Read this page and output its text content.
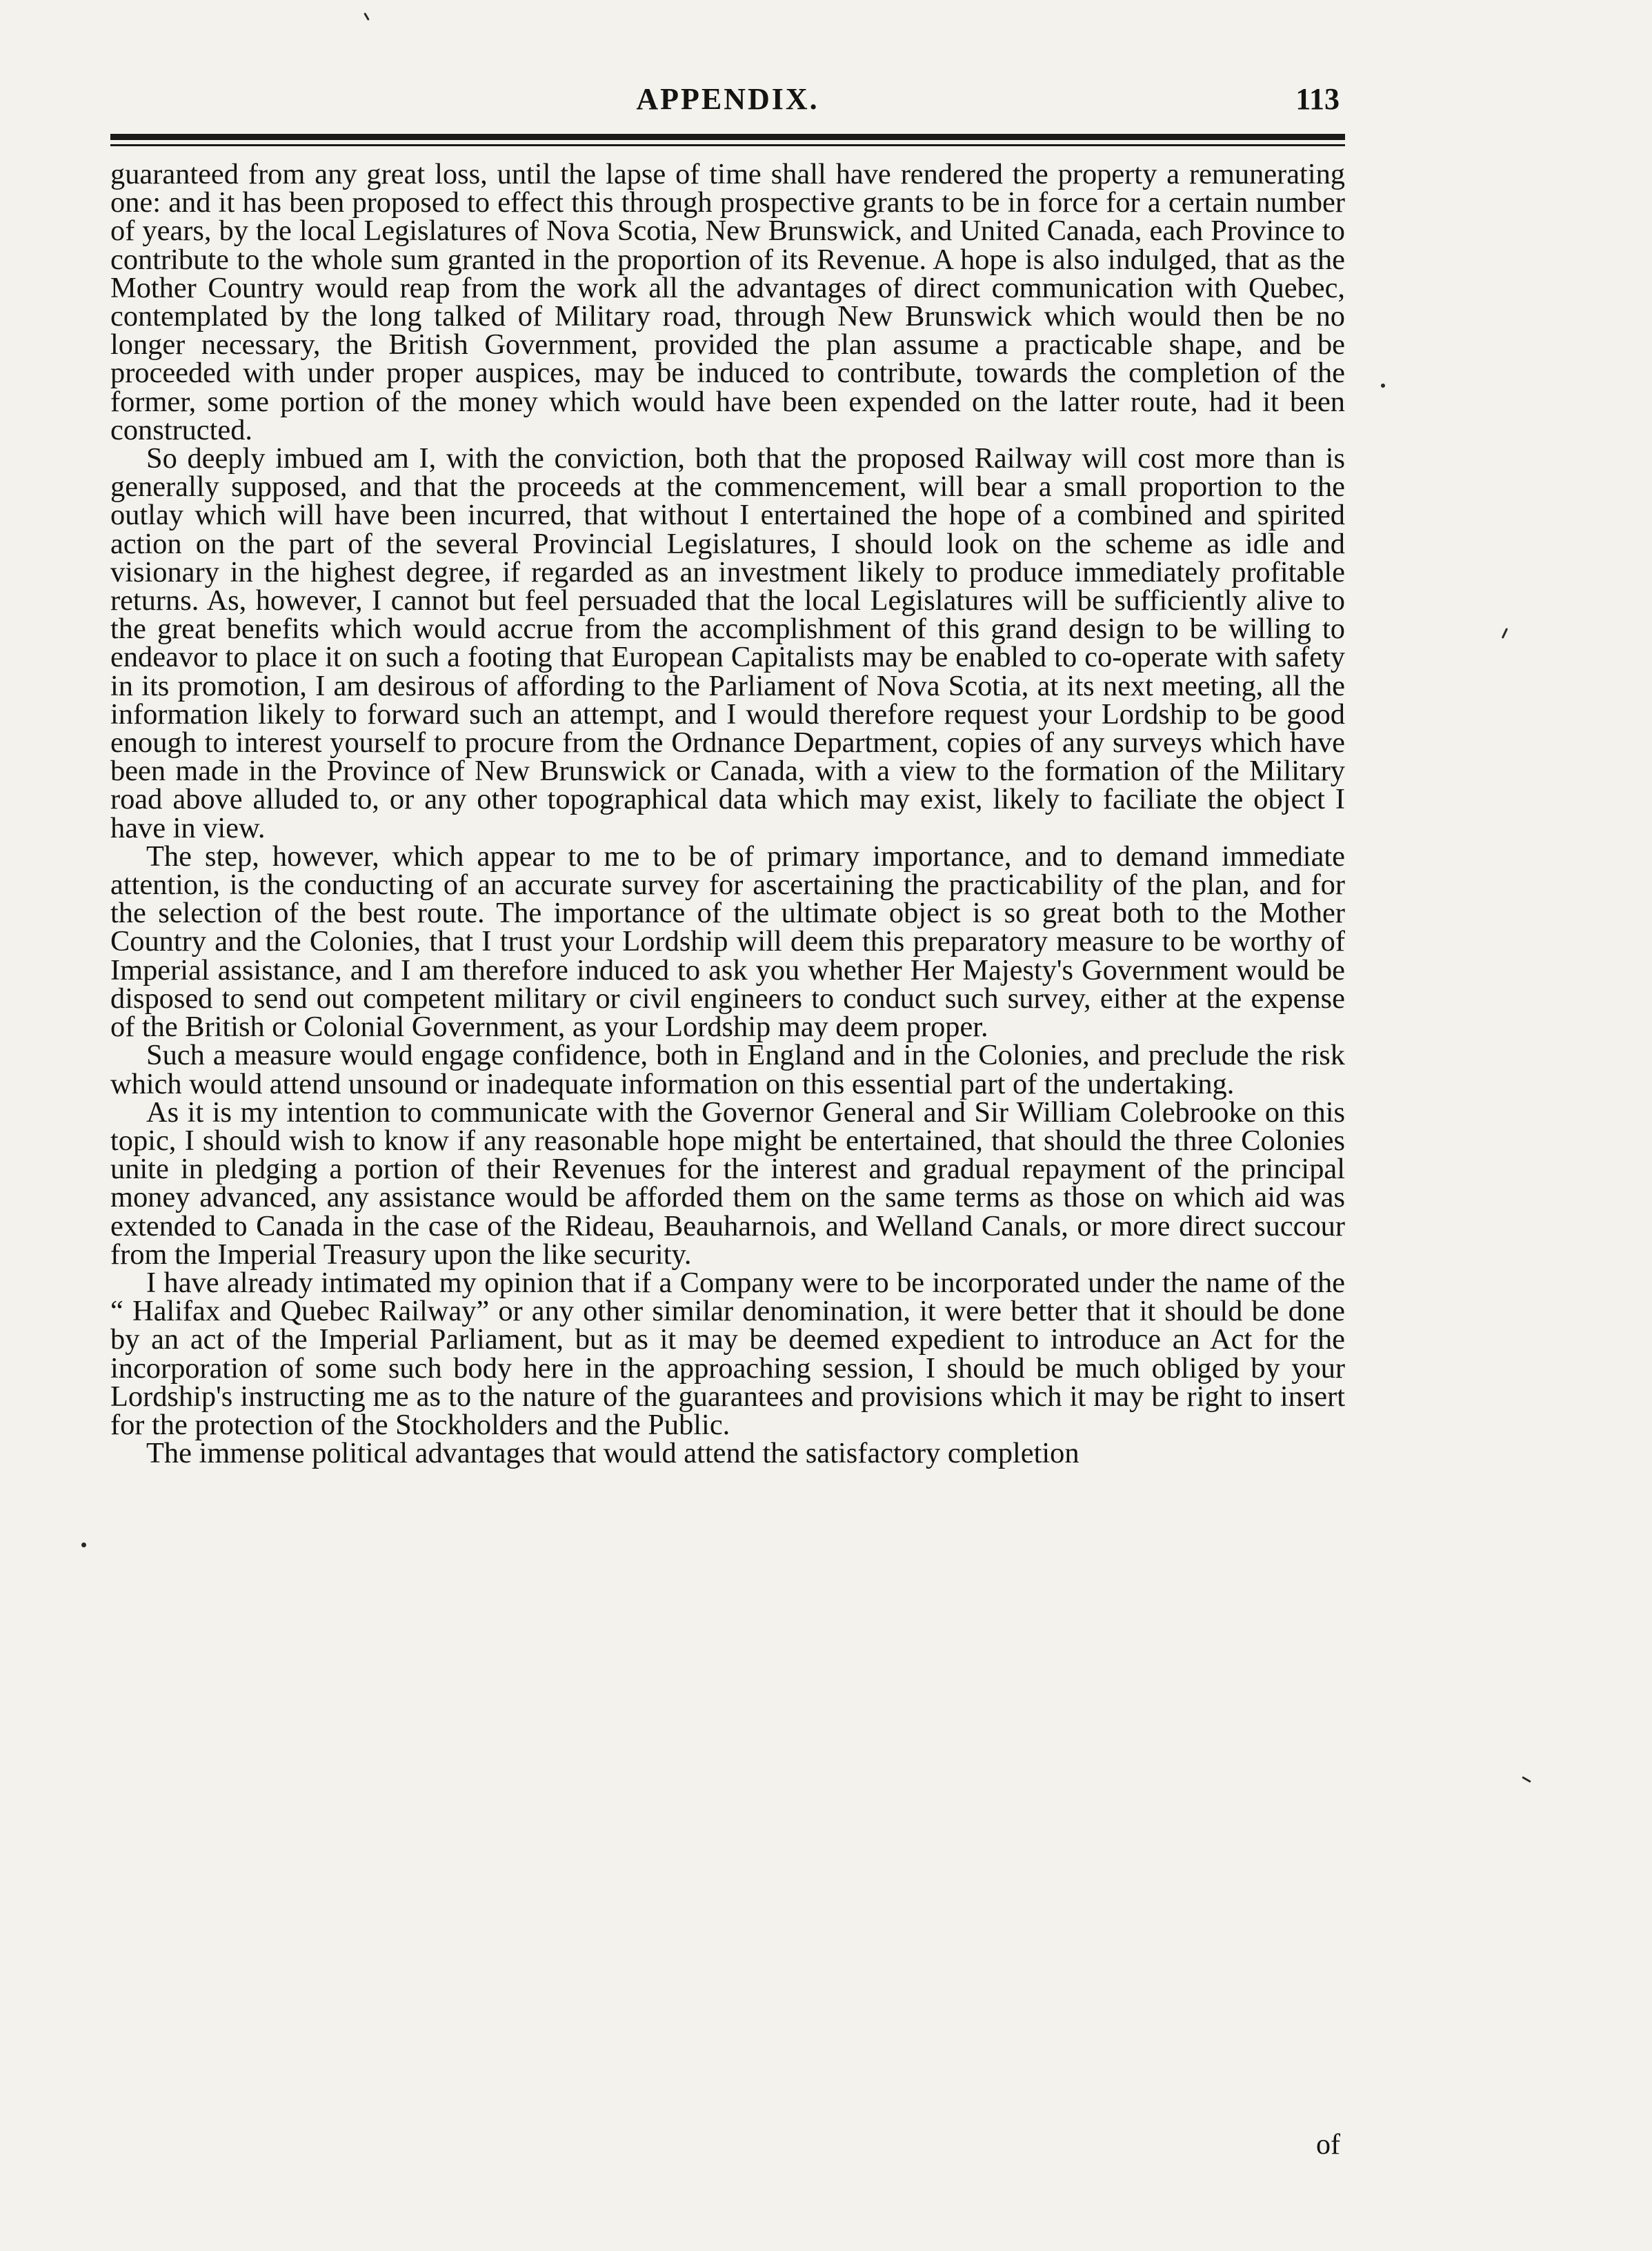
APPENDIX.	113

guaranteed from any great loss, until the lapse of time shall have rendered the property a remunerating one: and it has been proposed to effect this through prospective grants to be in force for a certain number of years, by the local Legislatures of Nova Scotia, New Brunswick, and United Canada, each Province to contribute to the whole sum granted in the proportion of its Revenue. A hope is also indulged, that as the Mother Country would reap from the work all the advantages of direct communication with Quebec, contemplated by the long talked of Military road, through New Brunswick which would then be no longer necessary, the British Government, provided the plan assume a practicable shape, and be proceeded with under proper auspices, may be induced to contribute, towards the completion of the former, some portion of the money which would have been expended on the latter route, had it been constructed.

So deeply imbued am I, with the conviction, both that the proposed Railway will cost more than is generally supposed, and that the proceeds at the commencement, will bear a small proportion to the outlay which will have been incurred, that without I entertained the hope of a combined and spirited action on the part of the several Provincial Legislatures, I should look on the scheme as idle and visionary in the highest degree, if regarded as an investment likely to produce immediately profitable returns. As, however, I cannot but feel persuaded that the local Legislatures will be sufficiently alive to the great benefits which would accrue from the accomplishment of this grand design to be willing to endeavor to place it on such a footing that European Capitalists may be enabled to co-operate with safety in its promotion, I am desirous of affording to the Parliament of Nova Scotia, at its next meeting, all the information likely to forward such an attempt, and I would therefore request your Lordship to be good enough to interest yourself to procure from the Ordnance Department, copies of any surveys which have been made in the Province of New Brunswick or Canada, with a view to the formation of the Military road above alluded to, or any other topographical data which may exist, likely to faciliate the object I have in view.

The step, however, which appear to me to be of primary importance, and to demand immediate attention, is the conducting of an accurate survey for ascertaining the practicability of the plan, and for the selection of the best route. The importance of the ultimate object is so great both to the Mother Country and the Colonies, that I trust your Lordship will deem this preparatory measure to be worthy of Imperial assistance, and I am therefore induced to ask you whether Her Majesty's Government would be disposed to send out competent military or civil engineers to conduct such survey, either at the expense of the British or Colonial Government, as your Lordship may deem proper.

Such a measure would engage confidence, both in England and in the Colonies, and preclude the risk which would attend unsound or inadequate information on this essential part of the undertaking.

As it is my intention to communicate with the Governor General and Sir William Colebrooke on this topic, I should wish to know if any reasonable hope might be entertained, that should the three Colonies unite in pledging a portion of their Revenues for the interest and gradual repayment of the principal money advanced, any assistance would be afforded them on the same terms as those on which aid was extended to Canada in the case of the Rideau, Beauharnois, and Welland Canals, or more direct succour from the Imperial Treasury upon the like security.

I have already intimated my opinion that if a Company were to be incorporated under the name of the “ Halifax and Quebec Railway” or any other similar denomination, it were better that it should be done by an act of the Imperial Parliament, but as it may be deemed expedient to introduce an Act for the incorporation of some such body here in the approaching session, I should be much obliged by your Lordship's instructing me as to the nature of the guarantees and provisions which it may be right to insert for the protection of the Stockholders and the Public.

The immense political advantages that would attend the satisfactory completion

of
